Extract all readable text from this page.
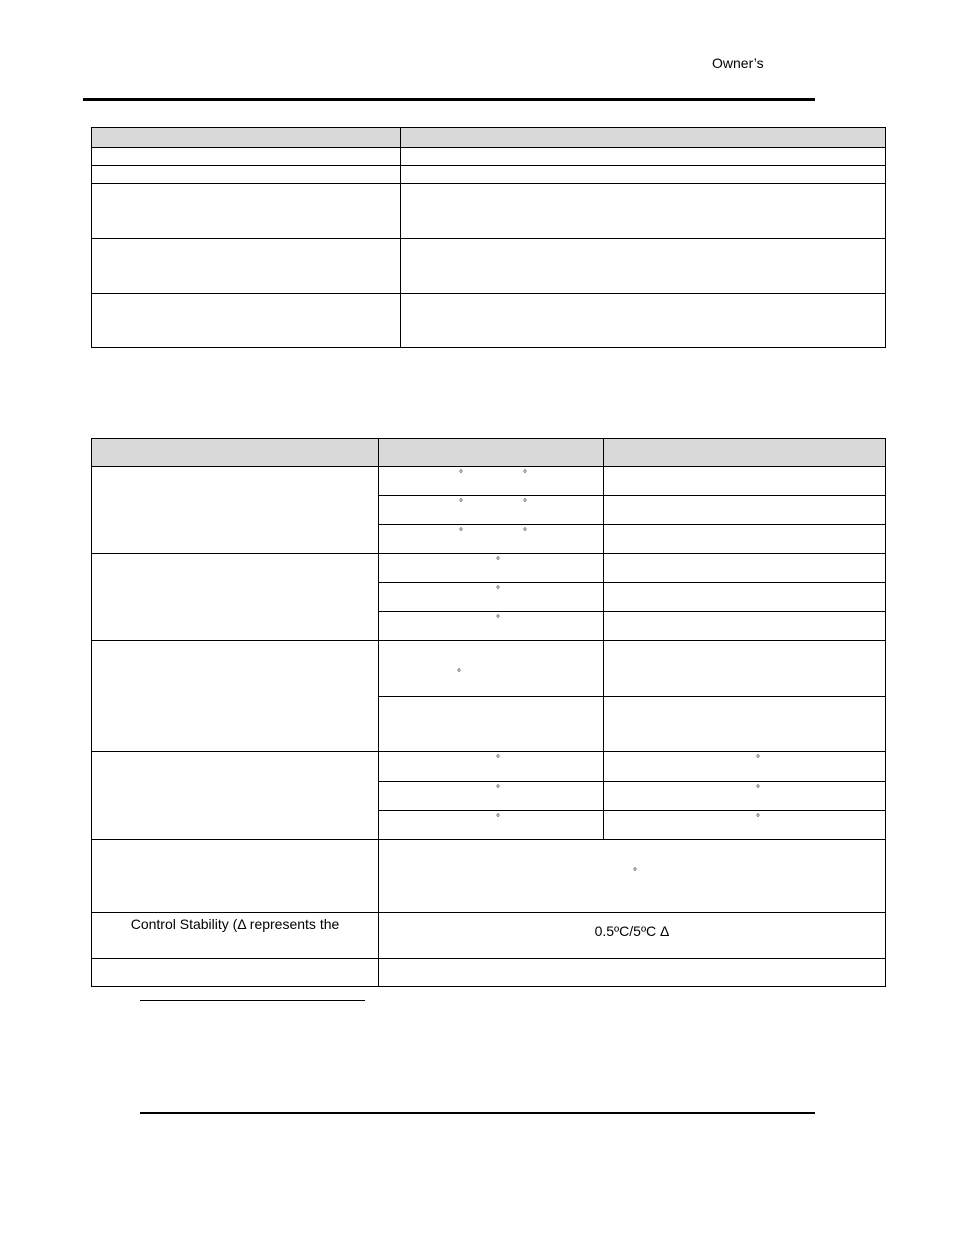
Owner’s

	° °	

	° °	

	° °	

	°	

	°	

	°	

	°	

	°	°

	°	°

	°	°

	°	

Control Stability (Δ represents the	0.5ºC/5ºC Δ	
